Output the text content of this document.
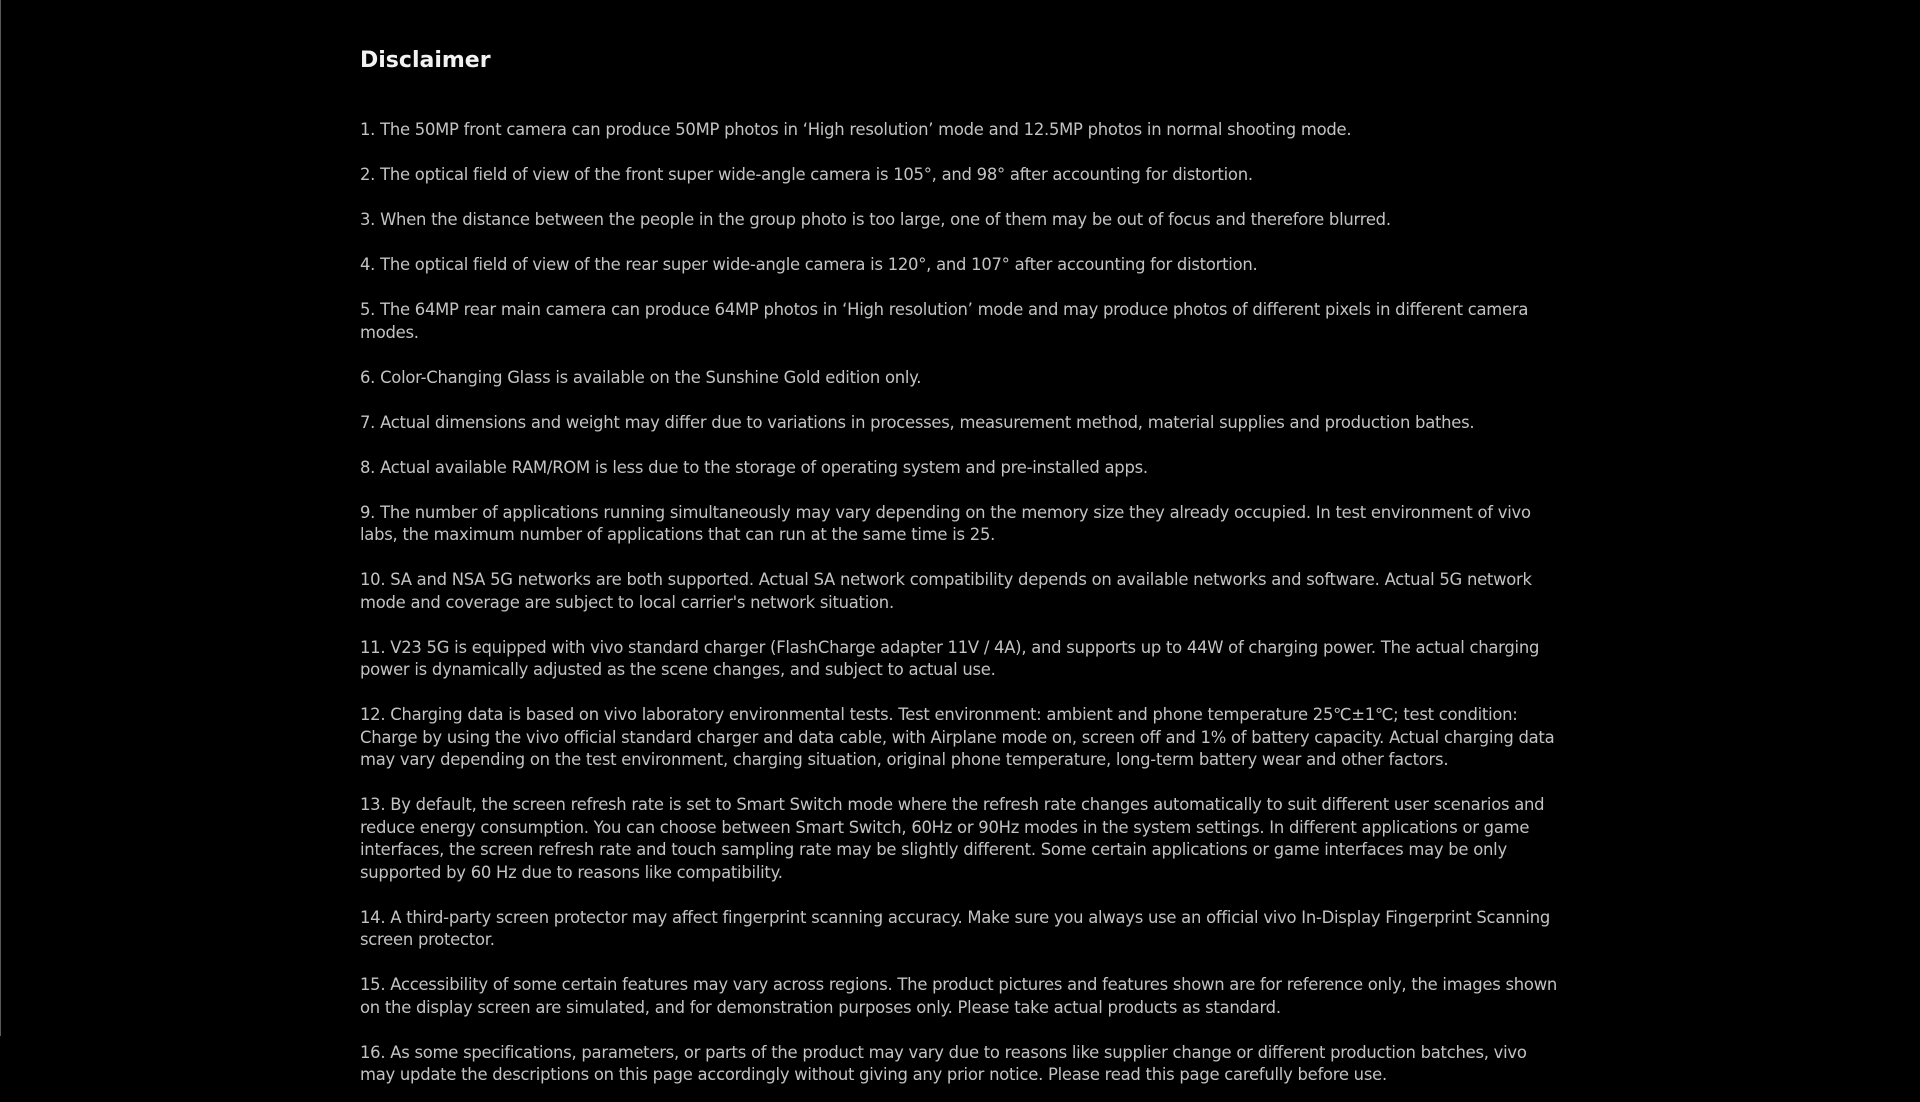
Disclaimer
1. The 50MP front camera can produce 50MP photos in ‘High resolution’ mode and 12.5MP photos in normal shooting mode.
2. The optical field of view of the front super wide-angle camera is 105°, and 98° after accounting for distortion.
3. When the distance between the people in the group photo is too large, one of them may be out of focus and therefore blurred.
4. The optical field of view of the rear super wide-angle camera is 120°, and 107° after accounting for distortion.
5. The 64MP rear main camera can produce 64MP photos in ‘High resolution’ mode and may produce photos of different pixels in different camera modes.
6. Color-Changing Glass is available on the Sunshine Gold edition only.
7. Actual dimensions and weight may differ due to variations in processes, measurement method, material supplies and production bathes.
8. Actual available RAM/ROM is less due to the storage of operating system and pre-installed apps.
9. The number of applications running simultaneously may vary depending on the memory size they already occupied. In test environment of vivo labs, the maximum number of applications that can run at the same time is 25.
10. SA and NSA 5G networks are both supported. Actual SA network compatibility depends on available networks and software. Actual 5G network mode and coverage are subject to local carrier's network situation.
11. V23 5G is equipped with vivo standard charger (FlashCharge adapter 11V / 4A), and supports up to 44W of charging power. The actual charging power is dynamically adjusted as the scene changes, and subject to actual use.
12. Charging data is based on vivo laboratory environmental tests. Test environment: ambient and phone temperature 25℃±1℃; test condition: Charge by using the vivo official standard charger and data cable, with Airplane mode on, screen off and 1% of battery capacity. Actual charging data may vary depending on the test environment, charging situation, original phone temperature, long-term battery wear and other factors.
13. By default, the screen refresh rate is set to Smart Switch mode where the refresh rate changes automatically to suit different user scenarios and reduce energy consumption. You can choose between Smart Switch, 60Hz or 90Hz modes in the system settings. In different applications or game interfaces, the screen refresh rate and touch sampling rate may be slightly different. Some certain applications or game interfaces may be only supported by 60 Hz due to reasons like compatibility.
14. A third-party screen protector may affect fingerprint scanning accuracy. Make sure you always use an official vivo In-Display Fingerprint Scanning screen protector.
15. Accessibility of some certain features may vary across regions. The product pictures and features shown are for reference only, the images shown on the display screen are simulated, and for demonstration purposes only. Please take actual products as standard.
16. As some specifications, parameters, or parts of the product may vary due to reasons like supplier change or different production batches, vivo may update the descriptions on this page accordingly without giving any prior notice. Please read this page carefully before use.
